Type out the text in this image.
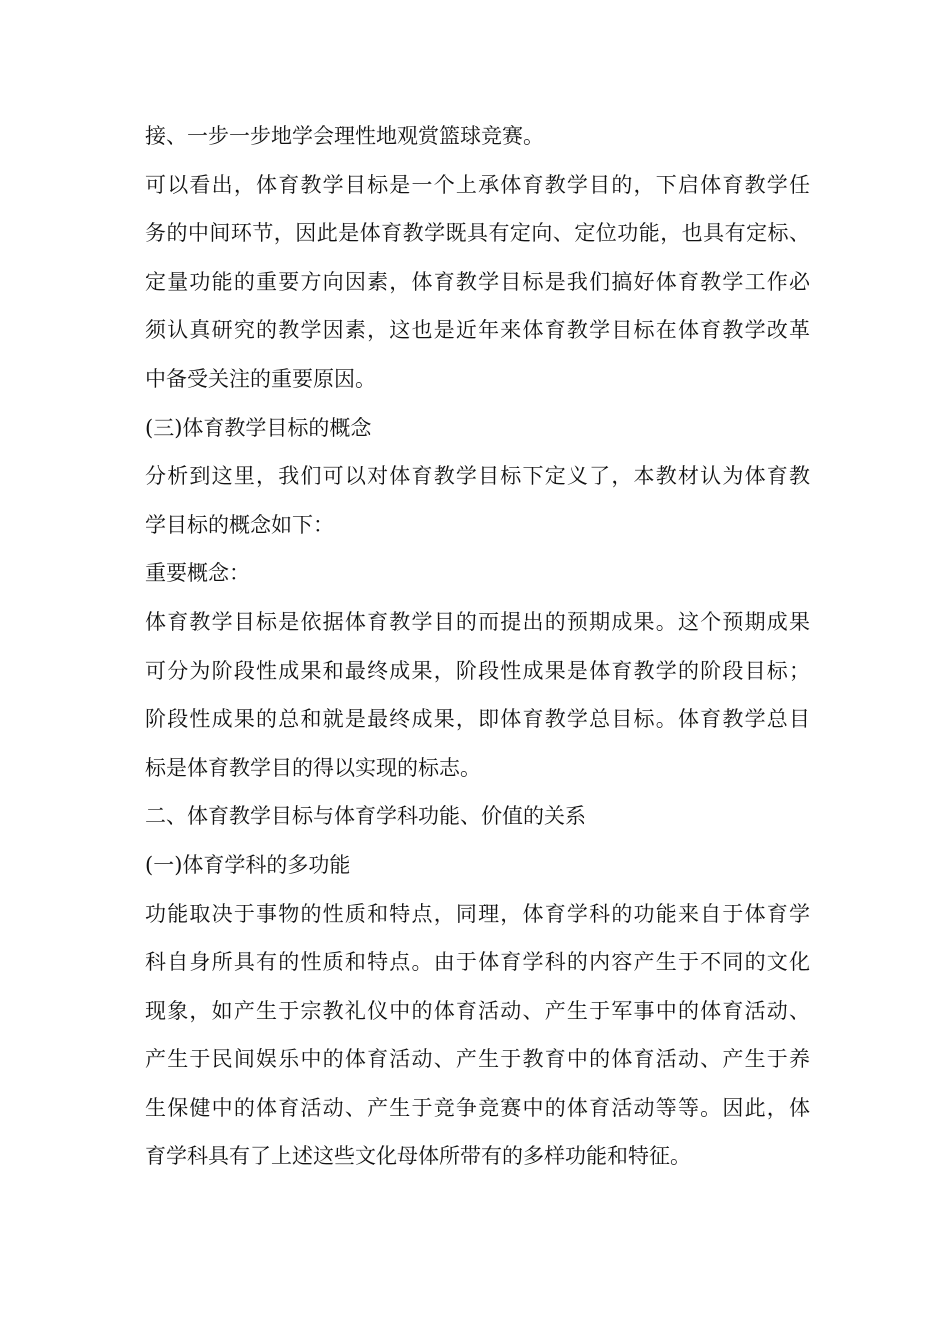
接、一步一步地学会理性地观赏篮球竞赛。
可以看出，体育教学目标是一个上承体育教学目的，下启体育教学任
务的中间环节，因此是体育教学既具有定向、定位功能，也具有定标、
定量功能的重要方向因素，体育教学目标是我们搞好体育教学工作必
须认真研究的教学因素，这也是近年来体育教学目标在体育教学改革
中备受关注的重要原因。
(三)体育教学目标的概念
分析到这里，我们可以对体育教学目标下定义了，本教材认为体育教
学目标的概念如下：
重要概念：
体育教学目标是依据体育教学目的而提出的预期成果。这个预期成果
可分为阶段性成果和最终成果，阶段性成果是体育教学的阶段目标；
阶段性成果的总和就是最终成果，即体育教学总目标。体育教学总目
标是体育教学目的得以实现的标志。
二、体育教学目标与体育学科功能、价值的关系
(一)体育学科的多功能
功能取决于事物的性质和特点，同理，体育学科的功能来自于体育学
科自身所具有的性质和特点。由于体育学科的内容产生于不同的文化
现象，如产生于宗教礼仪中的体育活动、产生于军事中的体育活动、
产生于民间娱乐中的体育活动、产生于教育中的体育活动、产生于养
生保健中的体育活动、产生于竞争竞赛中的体育活动等等。因此，体
育学科具有了上述这些文化母体所带有的多样功能和特征。
